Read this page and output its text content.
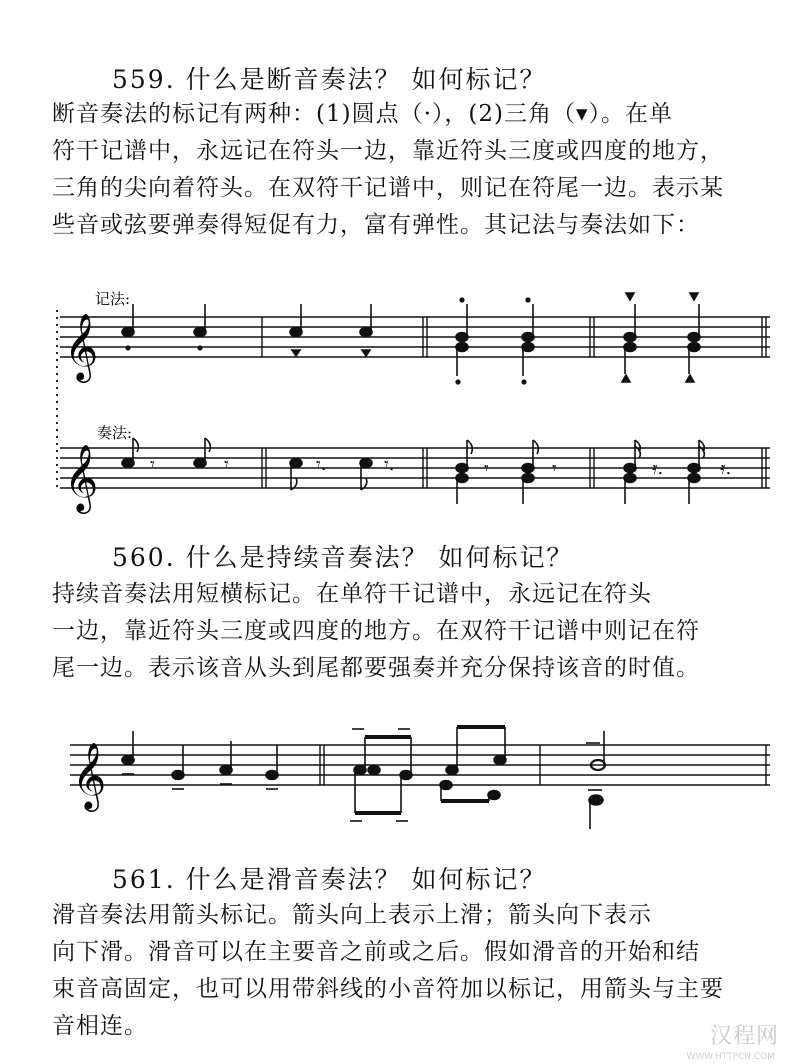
559. 什么是断音奏法？ 如何标记？
断音奏法的标记有两种：(1)圆点（·），(2)三角（▾）。在单
符干记谱中，永远记在符头一边，靠近符头三度或四度的地方，
三角的尖向着符头。在双符干记谱中，则记在符尾一边。表示某
些音或弦要弹奏得短促有力，富有弹性。其记法与奏法如下：
记法:
奏法:
𝄞
𝄞	𝄾	𝄾	𝄾.	𝄾.	𝄾	𝄾	𝄿.	𝄿.
560. 什么是持续音奏法？ 如何标记？
持续音奏法用短横标记。在单符干记谱中，永远记在符头
一边，靠近符头三度或四度的地方。在双符干记谱中则记在符
尾一边。表示该音从头到尾都要强奏并充分保持该音的时值。
𝄞
561. 什么是滑音奏法？ 如何标记？
滑音奏法用箭头标记。箭头向上表示上滑；箭头向下表示
向下滑。滑音可以在主要音之前或之后。假如滑音的开始和结
束音高固定，也可以用带斜线的小音符加以标记，用箭头与主要
音相连。	汉程网
WWW.HTTPCN.COM
